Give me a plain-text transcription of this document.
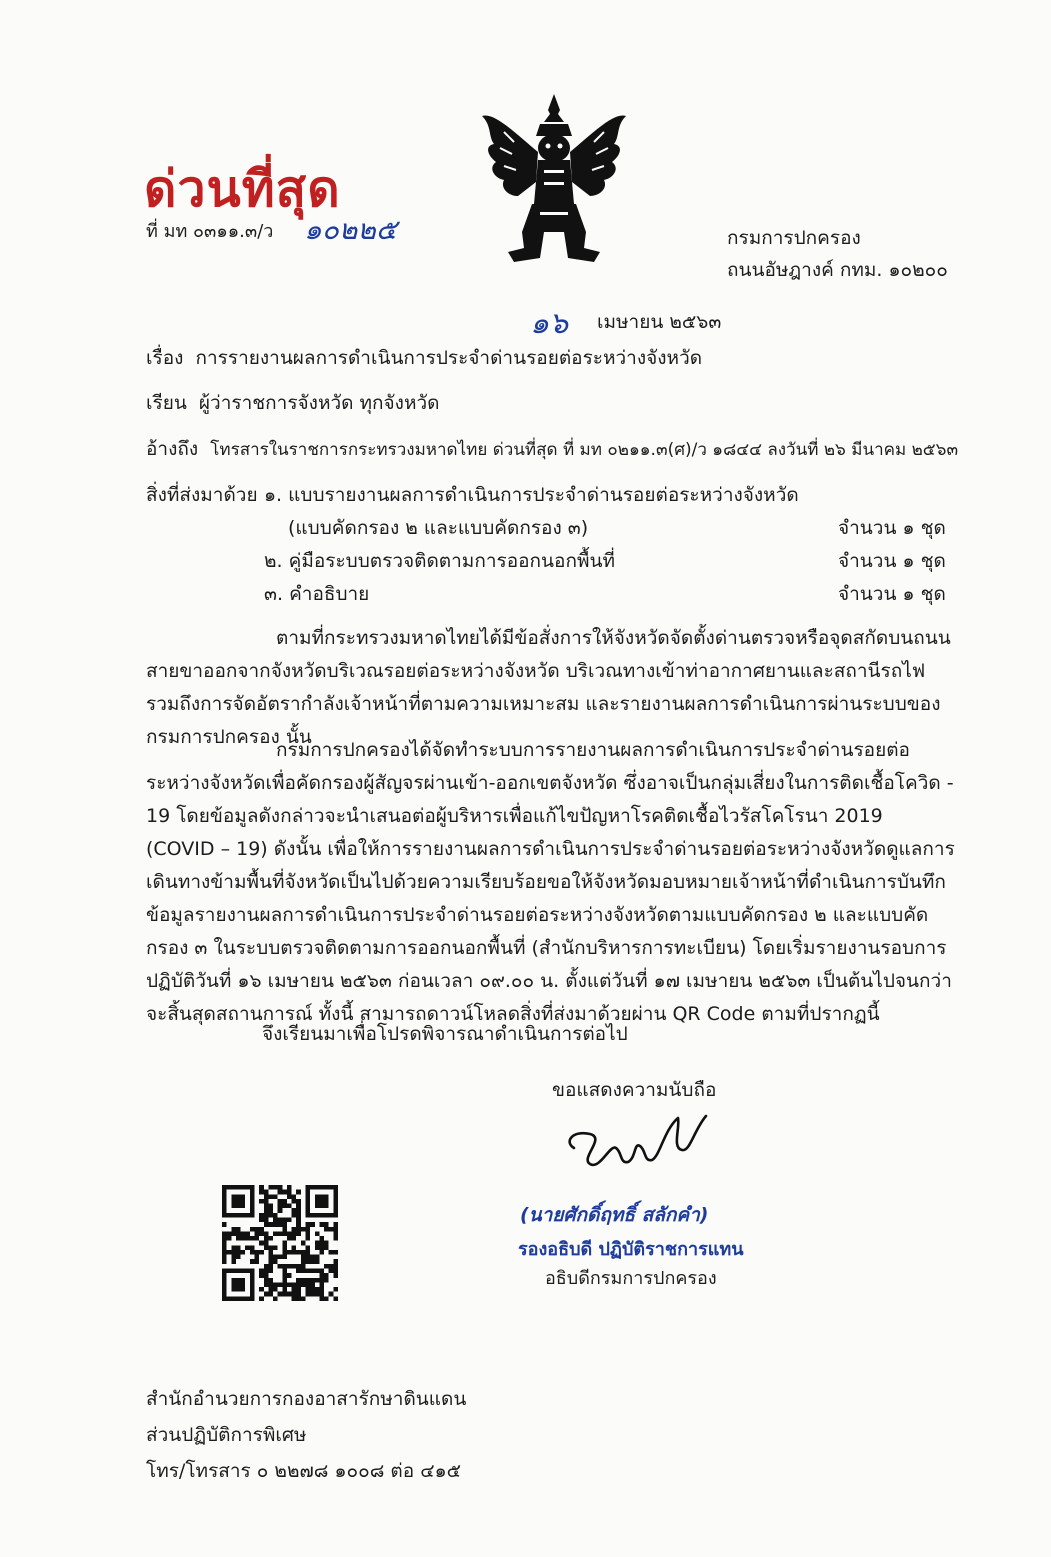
ด่วนที่สุด
ที่ มท ๐๓๑๑.๓/ว ๑๐๒๒๕	กรมการปกครอง
ถนนอัษฎางค์ กทม. ๑๐๒๐๐
๑๖ เมษายน ๒๕๖๓
เรื่อง การรายงานผลการดำเนินการประจำด่านรอยต่อระหว่างจังหวัด
เรียน ผู้ว่าราชการจังหวัด ทุกจังหวัด
อ้างถึง โทรสารในราชการกระทรวงมหาดไทย ด่วนที่สุด ที่ มท ๐๒๑๑.๓(ศ)/ว ๑๘๔๔ ลงวันที่ ๒๖ มีนาคม ๒๕๖๓
สิ่งที่ส่งมาด้วย ๑. แบบรายงานผลการดำเนินการประจำด่านรอยต่อระหว่างจังหวัด
(แบบคัดกรอง ๒ และแบบคัดกรอง ๓)	จำนวน ๑ ชุด
๒. คู่มือระบบตรวจติดตามการออกนอกพื้นที่	จำนวน ๑ ชุด
๓. คำอธิบาย	จำนวน ๑ ชุด
ตามที่กระทรวงมหาดไทยได้มีข้อสั่งการให้จังหวัดจัดตั้งด่านตรวจหรือจุดสกัดบนถนนสายขาออกจากจังหวัดบริเวณรอยต่อระหว่างจังหวัด บริเวณทางเข้าท่าอากาศยานและสถานีรถไฟ รวมถึงการจัดอัตรากำลังเจ้าหน้าที่ตามความเหมาะสม และรายงานผลการดำเนินการผ่านระบบของกรมการปกครอง นั้น
กรมการปกครองได้จัดทำระบบการรายงานผลการดำเนินการประจำด่านรอยต่อระหว่างจังหวัดเพื่อคัดกรองผู้สัญจรผ่านเข้า-ออกเขตจังหวัด ซึ่งอาจเป็นกลุ่มเสี่ยงในการติดเชื้อโควิด - 19 โดยข้อมูลดังกล่าวจะนำเสนอต่อผู้บริหารเพื่อแก้ไขปัญหาโรคติดเชื้อไวรัสโคโรนา 2019 (COVID – 19) ดังนั้น เพื่อให้การรายงานผลการดำเนินการประจำด่านรอยต่อระหว่างจังหวัดดูแลการเดินทางข้ามพื้นที่จังหวัดเป็นไปด้วยความเรียบร้อยขอให้จังหวัดมอบหมายเจ้าหน้าที่ดำเนินการบันทึกข้อมูลรายงานผลการดำเนินการประจำด่านรอยต่อระหว่างจังหวัดตามแบบคัดกรอง ๒ และแบบคัดกรอง ๓ ในระบบตรวจติดตามการออกนอกพื้นที่ (สำนักบริหารการทะเบียน) โดยเริ่มรายงานรอบการปฏิบัติวันที่ ๑๖ เมษายน ๒๕๖๓ ก่อนเวลา ๐๙.๐๐ น. ตั้งแต่วันที่ ๑๗ เมษายน ๒๕๖๓ เป็นต้นไปจนกว่าจะสิ้นสุดสถานการณ์ ทั้งนี้ สามารถดาวน์โหลดสิ่งที่ส่งมาด้วยผ่าน QR Code ตามที่ปรากฏนี้
จึงเรียนมาเพื่อโปรดพิจารณาดำเนินการต่อไป
ขอแสดงความนับถือ
(นายศักดิ์ฤทธิ์ สลักคำ)
รองอธิบดี ปฏิบัติราชการแทน
อธิบดีกรมการปกครอง
สำนักอำนวยการกองอาสารักษาดินแดน
ส่วนปฏิบัติการพิเศษ
โทร/โทรสาร ๐ ๒๒๗๘ ๑๐๐๘ ต่อ ๔๑๕
